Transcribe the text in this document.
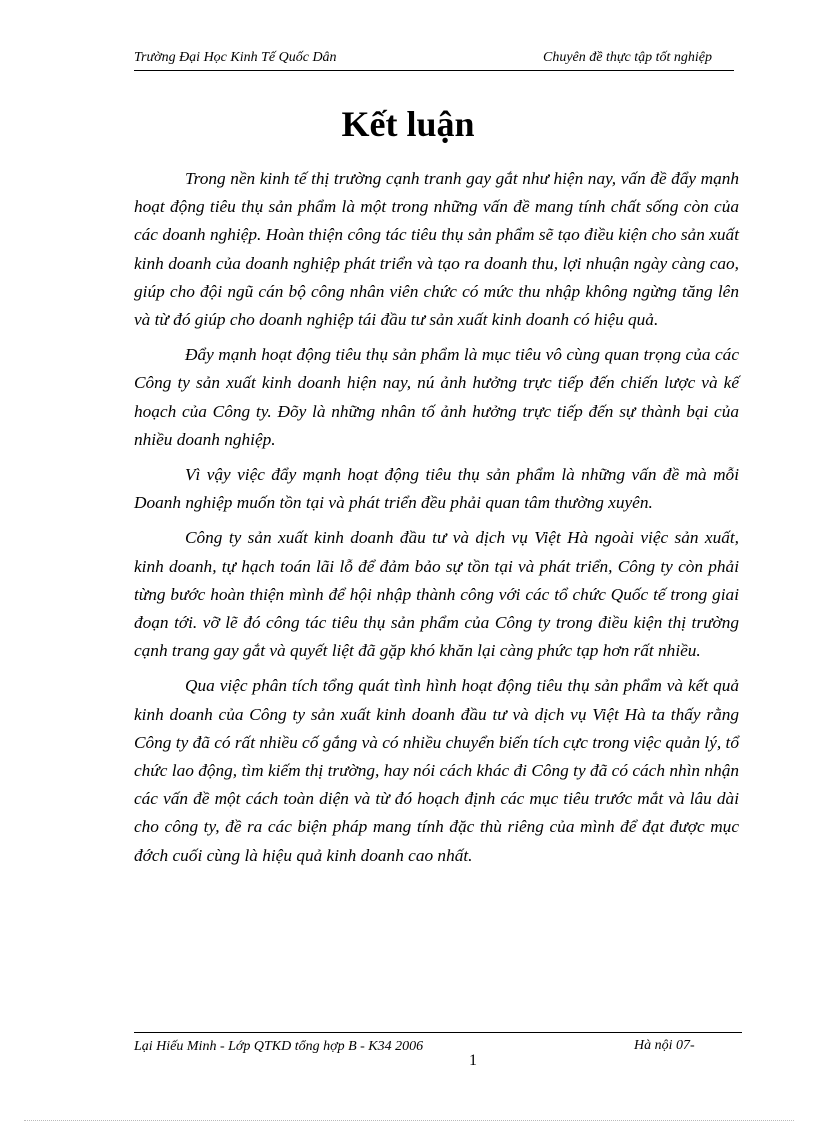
Trường Đại Học Kinh Tế Quốc Dân	Chuyên đề thực tập tốt nghiệp
Kết luận

Trong nền kinh tế thị trường cạnh tranh gay gắt như hiện nay, vấn đề đẩy mạnh hoạt động tiêu thụ sản phẩm là một trong những vấn đề mang tính chất sống còn của các doanh nghiệp. Hoàn thiện công tác tiêu thụ sản phẩm sẽ tạo điều kiện cho sản xuất kinh doanh của doanh nghiệp phát triển và tạo ra doanh thu, lợi nhuận ngày càng cao, giúp cho đội ngũ cán bộ công nhân viên chức có mức thu nhập không ngừng tăng lên và từ đó giúp cho doanh nghiệp tái đầu tư sản xuất kinh doanh có hiệu quả.

Đẩy mạnh hoạt động tiêu thụ sản phẩm là mục tiêu vô cùng quan trọng của các Công ty sản xuất kinh doanh hiện nay, nú ảnh hưởng trực tiếp đến chiến lược và kế hoạch của Công ty. Đõy là những nhân tố ảnh hưởng trực tiếp đến sự thành bại của nhiều doanh nghiệp.

Vì vậy việc đẩy mạnh hoạt động tiêu thụ sản phẩm là những vấn đề mà mỗi Doanh nghiệp muốn tồn tại và phát triển đều phải quan tâm thường xuyên.

Công ty sản xuất kinh doanh đầu tư và dịch vụ Việt Hà ngoài việc sản xuất, kinh doanh, tự hạch toán lãi lỗ để đảm bảo sự tồn tại và phát triển, Công ty còn phải từng bước hoàn thiện mình để hội nhập thành công với các tổ chức Quốc tế trong giai đoạn tới. vỡ lẽ đó công tác tiêu thụ sản phẩm của Công ty trong điều kiện thị trường cạnh trang gay gắt và quyết liệt đã gặp khó khăn lại càng phức tạp hơn rất nhiều.

Qua việc phân tích tổng quát tình hình hoạt động tiêu thụ sản phẩm và kết quả kinh doanh của Công ty sản xuất kinh doanh đầu tư và dịch vụ Việt Hà ta thấy rằng Công ty đã có rất nhiều cố gắng và có nhiều chuyển biến tích cực trong việc quản lý, tổ chức lao động, tìm kiếm thị trường, hay nói cách khác đi Công ty đã có cách nhìn nhận các vấn đề một cách toàn diện và từ đó hoạch định các mục tiêu trước mắt và lâu dài cho công ty, đề ra các biện pháp mang tính đặc thù riêng của mình để đạt được mục đớch cuối cùng là hiệu quả kinh doanh cao nhất.

Lại Hiếu Minh - Lớp QTKD tổng hợp B - K34 2006	Hà nội 07-
1
